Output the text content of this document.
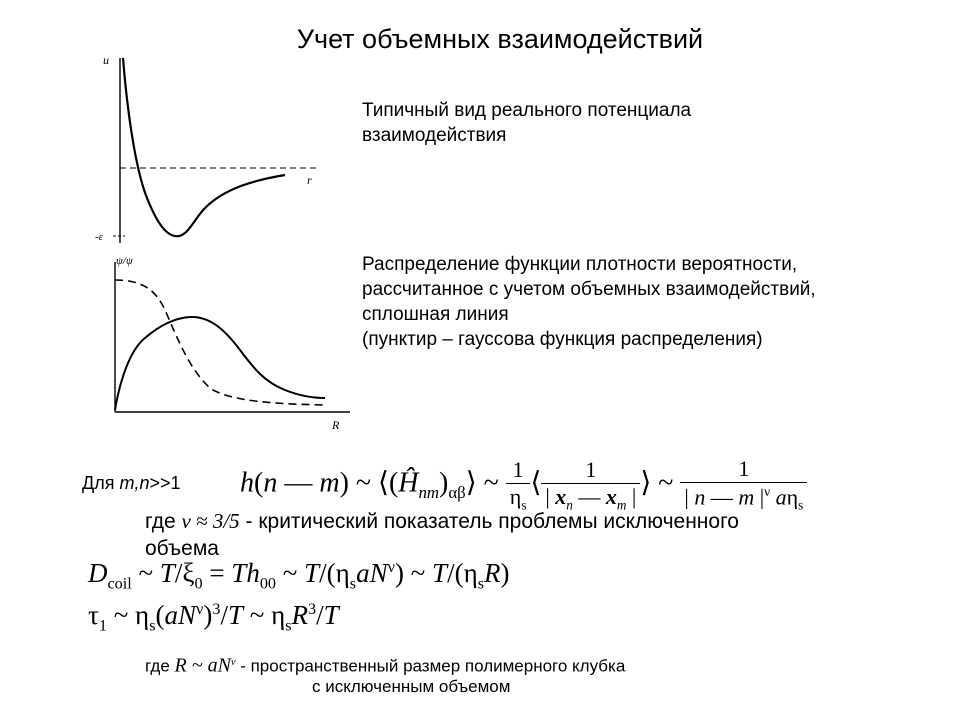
Учет объемных взаимодействий
u
r
-ε
Типичный вид реального потенциала
взаимодействия
ψ/ψ
R
Распределение функции плотности вероятности,
рассчитанное с учетом объемных взаимодействий,
сплошная линия
(пунктир – гауссова функция распределения)
Для m,n>>1 h(n — m) ~ $⟨(Ĥ_{nm})_{\alpha\beta}⟩$ ~ $\frac{1}{\eta_s}$ ⟨ $\frac{1}{| x_n — x_m |}$ ⟩ ~ $\frac{1}{| n — m |^\nu a\eta_s}$
где ν ≈ 3/5 - критический показатель проблемы исключенного
объема
$D_{coil}$ ~ $T/\xi_0 = Th_{00}$ ~ $T/(\eta_saN^\nu)$ ~ $T/(\eta_sR)$
$\tau_1$ ~ $\eta_s(aN^\nu)^3/T$ ~ $\eta_sR^3/T$
где R ~ $aN^\nu$ - пространственный размер полимерного клубка
с исключенным объемом
